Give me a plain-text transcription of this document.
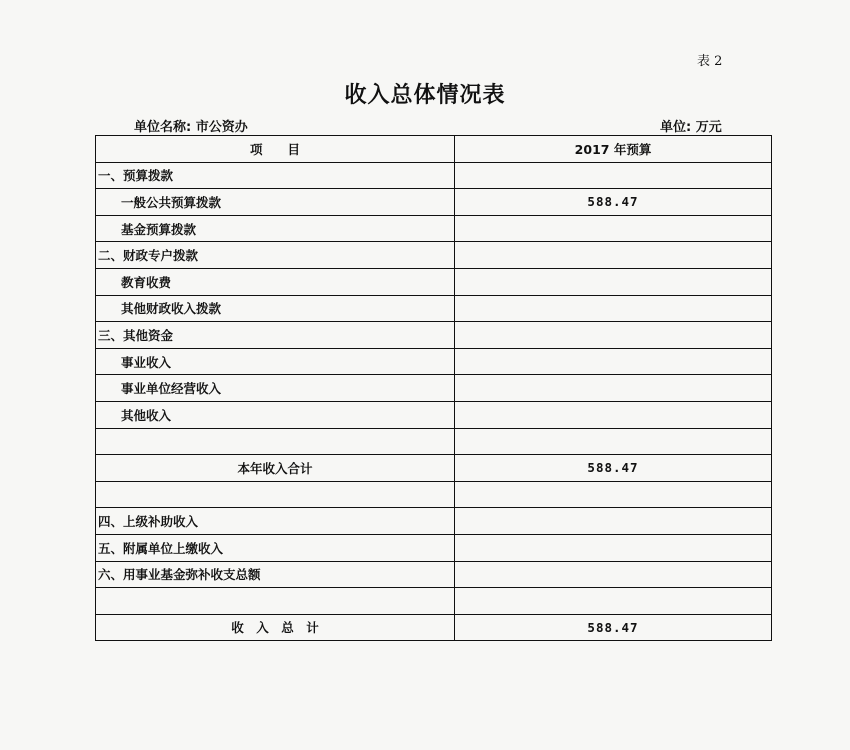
表 2
收入总体情况表
单位名称: 市公资办	单位: 万元
项　　目	2017 年预算
一、预算拨款	
一般公共预算拨款	588.47
基金预算拨款	
二、财政专户拨款	
教育收费	
其他财政收入拨款	
三、其他资金	
事业收入	
事业单位经营收入	
其他收入	

本年收入合计	588.47

四、上级补助收入	
五、附属单位上缴收入	
六、用事业基金弥补收支总额	

收　入　总　计	588.47
